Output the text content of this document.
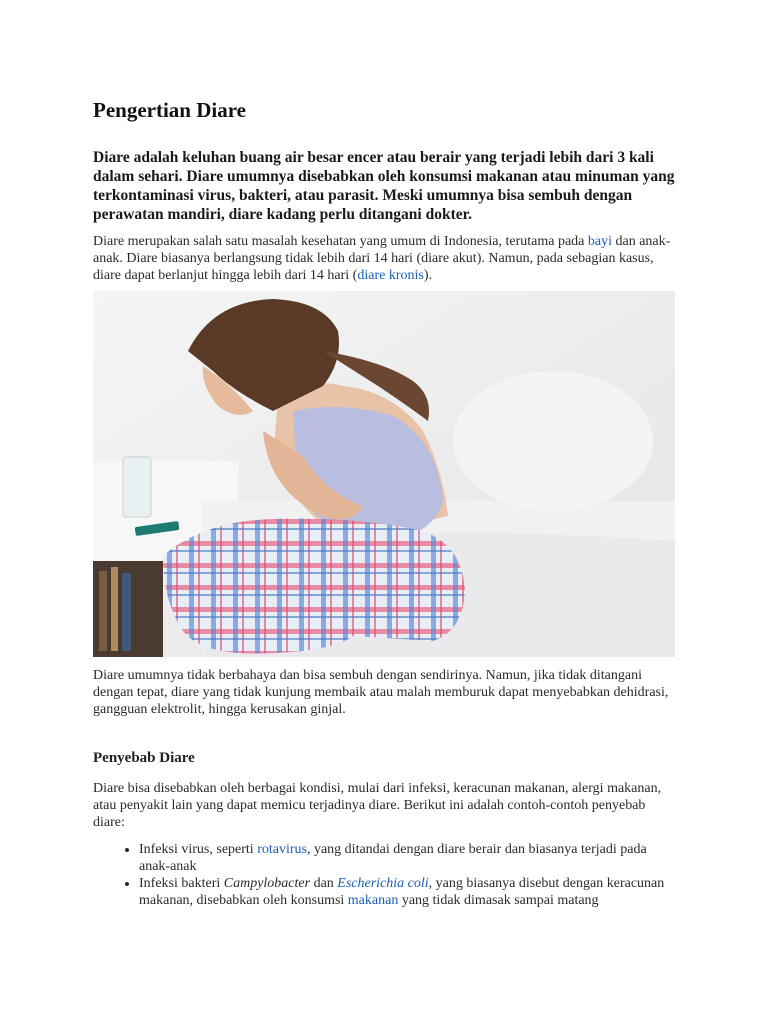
Pengertian Diare

Diare adalah keluhan buang air besar encer atau berair yang terjadi lebih dari 3 kali dalam sehari. Diare umumnya disebabkan oleh konsumsi makanan atau minuman yang terkontaminasi virus, bakteri, atau parasit. Meski umumnya bisa sembuh dengan perawatan mandiri, diare kadang perlu ditangani dokter.

Diare merupakan salah satu masalah kesehatan yang umum di Indonesia, terutama pada bayi dan anak-anak. Diare biasanya berlangsung tidak lebih dari 14 hari (diare akut). Namun, pada sebagian kasus, diare dapat berlanjut hingga lebih dari 14 hari (diare kronis).

Diare umumnya tidak berbahaya dan bisa sembuh dengan sendirinya. Namun, jika tidak ditangani dengan tepat, diare yang tidak kunjung membaik atau malah memburuk dapat menyebabkan dehidrasi, gangguan elektrolit, hingga kerusakan ginjal.

Penyebab Diare

Diare bisa disebabkan oleh berbagai kondisi, mulai dari infeksi, keracunan makanan, alergi makanan, atau penyakit lain yang dapat memicu terjadinya diare. Berikut ini adalah contoh-contoh penyebab diare:

• Infeksi virus, seperti rotavirus, yang ditandai dengan diare berair dan biasanya terjadi pada anak-anak
• Infeksi bakteri Campylobacter dan Escherichia coli, yang biasanya disebut dengan keracunan makanan, disebabkan oleh konsumsi makanan yang tidak dimasak sampai matang
